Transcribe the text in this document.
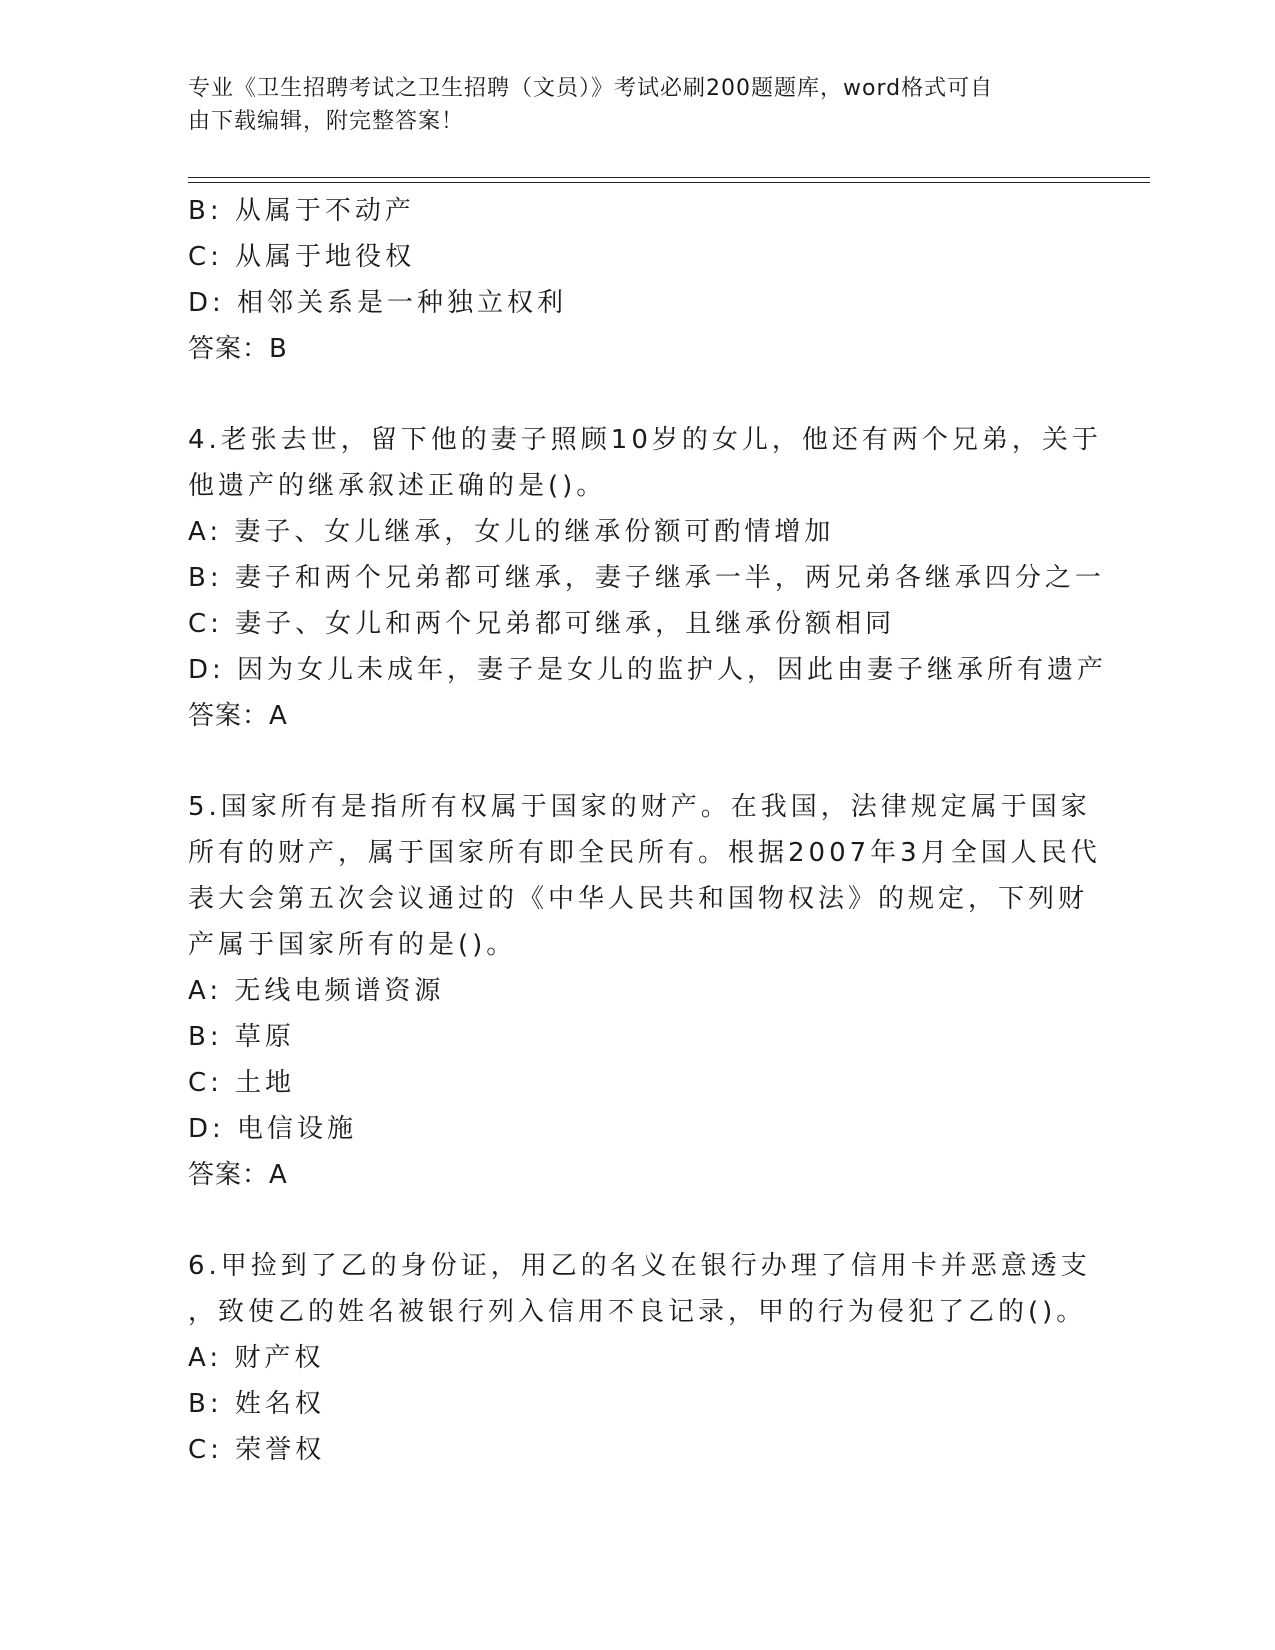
专业《卫生招聘考试之卫生招聘（文员）》考试必刷200题题库，word格式可自
由下载编辑，附完整答案！
B: 从属于不动产
C: 从属于地役权
D: 相邻关系是一种独立权利
答案：B
4.老张去世，留下他的妻子照顾10岁的女儿，他还有两个兄弟，关于
他遗产的继承叙述正确的是()。
A: 妻子、女儿继承，女儿的继承份额可酌情增加
B: 妻子和两个兄弟都可继承，妻子继承一半，两兄弟各继承四分之一
C: 妻子、女儿和两个兄弟都可继承，且继承份额相同
D: 因为女儿未成年，妻子是女儿的监护人，因此由妻子继承所有遗产
答案：A
5.国家所有是指所有权属于国家的财产。在我国，法律规定属于国家
所有的财产，属于国家所有即全民所有。根据2007年3月全国人民代
表大会第五次会议通过的《中华人民共和国物权法》的规定，下列财
产属于国家所有的是()。
A: 无线电频谱资源
B: 草原
C: 土地
D: 电信设施
答案：A
6.甲捡到了乙的身份证，用乙的名义在银行办理了信用卡并恶意透支
，致使乙的姓名被银行列入信用不良记录，甲的行为侵犯了乙的()。
A: 财产权
B: 姓名权
C: 荣誉权
